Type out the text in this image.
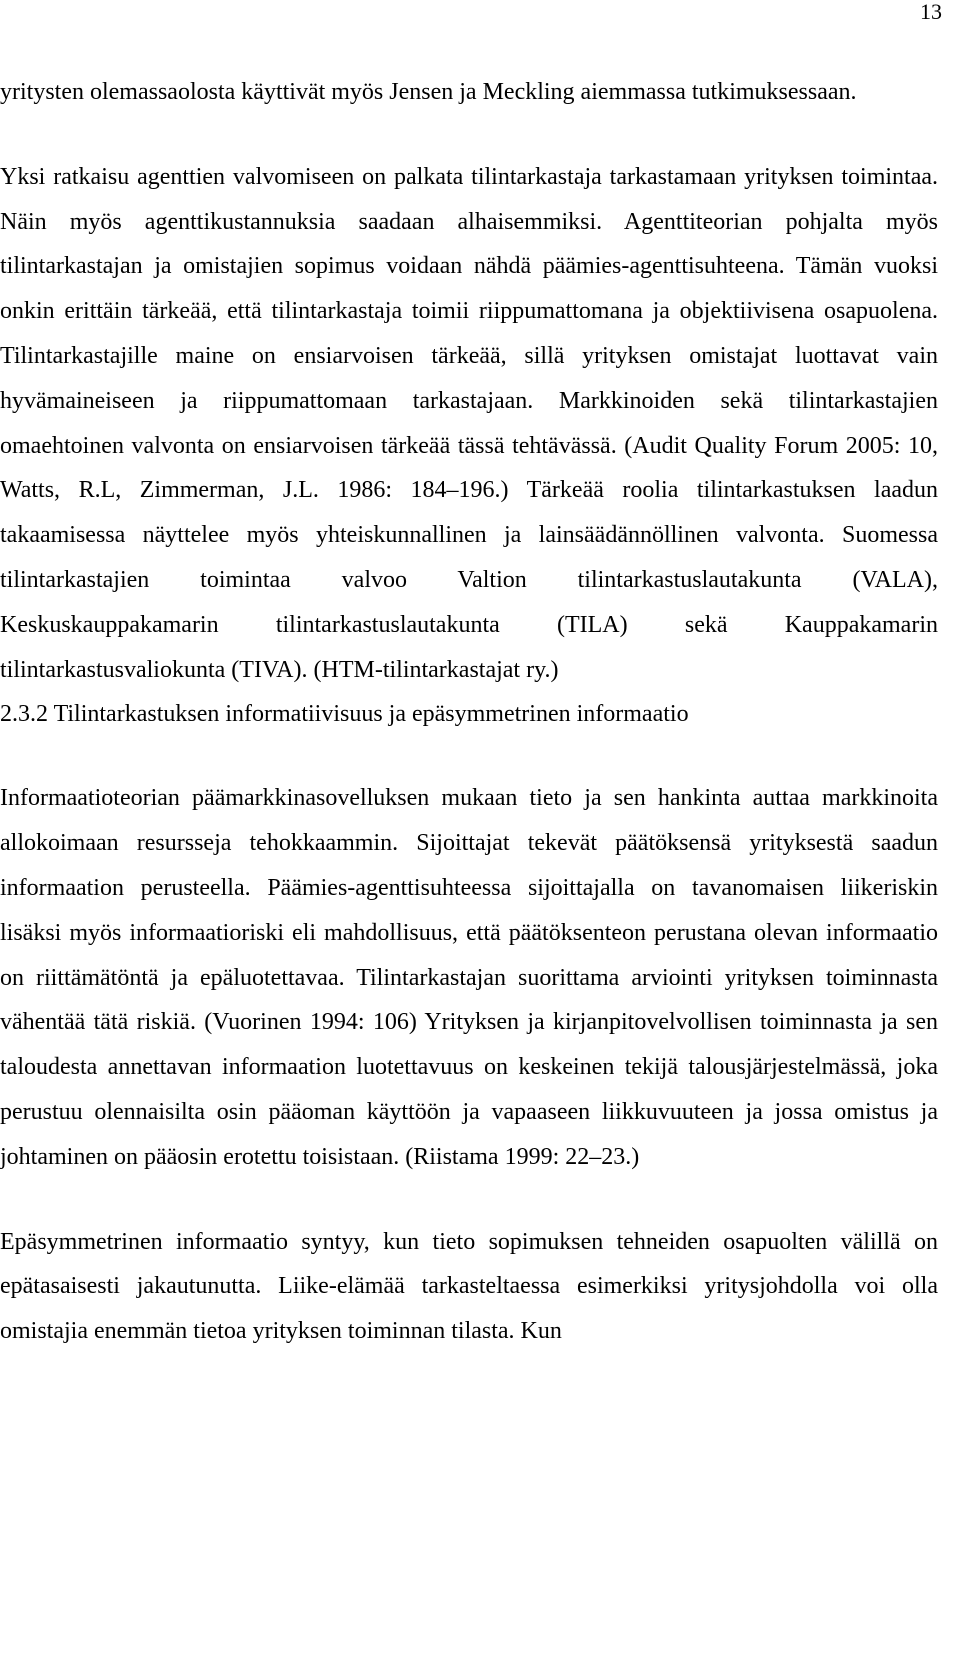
13

yritysten olemassaolosta käyttivät myös Jensen ja Meckling aiemmassa tutkimuksessaan.

Yksi ratkaisu agenttien valvomiseen on palkata tilintarkastaja tarkastamaan yrityksen toimintaa. Näin myös agenttikustannuksia saadaan alhaisemmiksi. Agenttiteorian pohjalta myös tilintarkastajan ja omistajien sopimus voidaan nähdä päämies-agenttisuhteena. Tämän vuoksi onkin erittäin tärkeää, että tilintarkastaja toimii riippumattomana ja objektiivisena osapuolena. Tilintarkastajille maine on ensiarvoisen tärkeää, sillä yrityksen omistajat luottavat vain hyvämaineiseen ja riippumattomaan tarkastajaan. Markkinoiden sekä tilintarkastajien omaehtoinen valvonta on ensiarvoisen tärkeää tässä tehtävässä. (Audit Quality Forum 2005: 10, Watts, R.L, Zimmerman, J.L. 1986: 184–196.) Tärkeää roolia tilintarkastuksen laadun takaamisessa näyttelee myös yhteiskunnallinen ja lainsäädännöllinen valvonta. Suomessa tilintarkastajien toimintaa valvoo Valtion tilintarkastuslautakunta (VALA), Keskuskauppakamarin tilintarkastuslautakunta (TILA) sekä Kauppakamarin tilintarkastusvaliokunta (TIVA). (HTM-tilintarkastajat ry.)

2.3.2 Tilintarkastuksen informatiivisuus ja epäsymmetrinen informaatio

Informaatioteorian päämarkkinasovelluksen mukaan tieto ja sen hankinta auttaa markkinoita allokoimaan resursseja tehokkaammin. Sijoittajat tekevät päätöksensä yrityksestä saadun informaation perusteella. Päämies-agenttisuhteessa sijoittajalla on tavanomaisen liikeriskin lisäksi myös informaatioriski eli mahdollisuus, että päätöksenteon perustana olevan informaatio on riittämätöntä ja epäluotettavaa. Tilintarkastajan suorittama arviointi yrityksen toiminnasta vähentää tätä riskiä. (Vuorinen 1994: 106) Yrityksen ja kirjanpitovelvollisen toiminnasta ja sen taloudesta annettavan informaation luotettavuus on keskeinen tekijä talousjärjestelmässä, joka perustuu olennaisilta osin pääoman käyttöön ja vapaaseen liikkuvuuteen ja jossa omistus ja johtaminen on pääosin erotettu toisistaan. (Riistama 1999: 22–23.)

Epäsymmetrinen informaatio syntyy, kun tieto sopimuksen tehneiden osapuolten välillä on epätasaisesti jakautunutta. Liike-elämää tarkasteltaessa esimerkiksi yritysjohdolla voi olla omistajia enemmän tietoa yrityksen toiminnan tilasta. Kun
